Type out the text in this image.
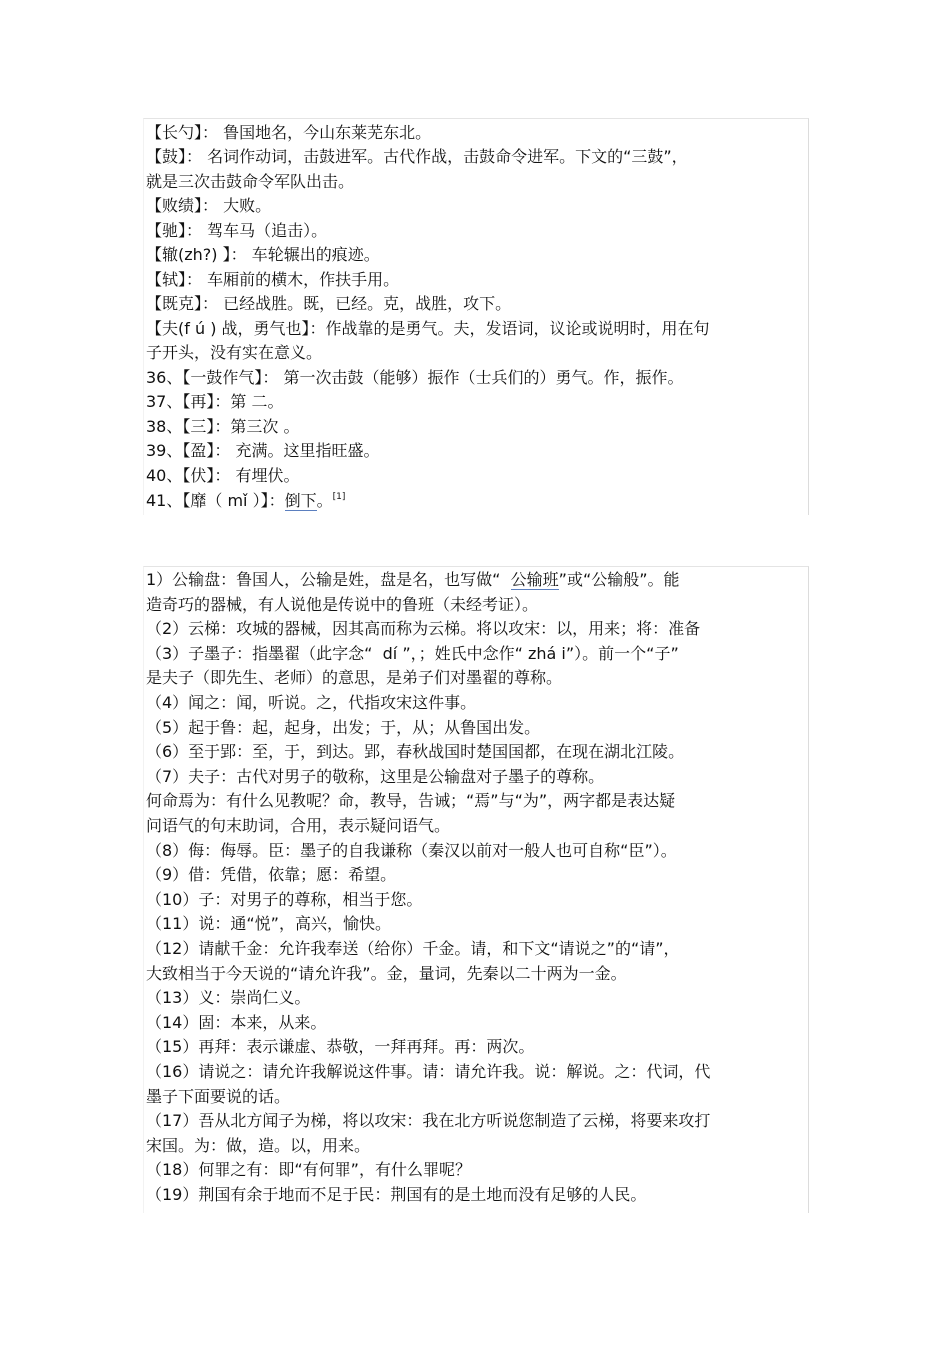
【长勺】： 鲁国地名，今山东莱芜东北。
【鼓】： 名词作动词，击鼓进军。古代作战，击鼓命令进军。下文的“三鼓”，
就是三次击鼓命令军队出击。
【败绩】： 大败。
【驰】： 驾车马（追击）。
【辙(zh?) 】： 车轮辗出的痕迹。
【轼】： 车厢前的横木，作扶手用。
【既克】： 已经战胜。既，已经。克，战胜，攻下。
【夫(f ú ) 战，勇气也】：作战靠的是勇气。夫，发语词，议论或说明时，用在句
子开头，没有实在意义。
36、【一鼓作气】： 第一次击鼓（能够）振作（士兵们的）勇气。作，振作。
37、【再】：第 二。
38、【三】：第三次 。
39、【盈】： 充满。这里指旺盛。
40、【伏】： 有埋伏。
41、【靡（ mǐ ）】：倒下。[1]
1）公输盘：鲁国人，公输是姓，盘是名，也写做“  公输班”或“公输般”。能
造奇巧的器械，有人说他是传说中的鲁班（未经考证）。
（2）云梯：攻城的器械，因其高而称为云梯。将以攻宋：以，用来；将：准备
（3）子墨子：指墨翟（此字念“  dí ”，；姓氏中念作“ zhá i”）。前一个“子”
是夫子（即先生、老师）的意思，是弟子们对墨翟的尊称。
（4）闻之：闻，听说。之，代指攻宋这件事。
（5）起于鲁：起，起身，出发；于，从；从鲁国出发。
（6）至于郢：至，于，到达。郢，春秋战国时楚国国都，在现在湖北江陵。
（7）夫子：古代对男子的敬称，这里是公输盘对子墨子的尊称。
何命焉为：有什么见教呢？命，教导，告诫；“焉”与“为”，两字都是表达疑
问语气的句末助词，合用，表示疑问语气。
（8）侮：侮辱。臣：墨子的自我谦称（秦汉以前对一般人也可自称“臣”）。
（9）借：凭借，依靠；愿：希望。
（10）子：对男子的尊称，相当于您。
（11）说：通“悦”，高兴，愉快。
（12）请献千金：允许我奉送（给你）千金。请，和下文“请说之”的“请”，
大致相当于今天说的“请允许我”。金，量词，先秦以二十两为一金。
（13）义：崇尚仁义。
（14）固：本来，从来。
（15）再拜：表示谦虚、恭敬，一拜再拜。再：两次。
（16）请说之：请允许我解说这件事。请：请允许我。说：解说。之：代词，代
墨子下面要说的话。
（17）吾从北方闻子为梯，将以攻宋：我在北方听说您制造了云梯，将要来攻打
宋国。为：做，造。以，用来。
（18）何罪之有：即“有何罪”，有什么罪呢？
（19）荆国有余于地而不足于民：荆国有的是土地而没有足够的人民。
